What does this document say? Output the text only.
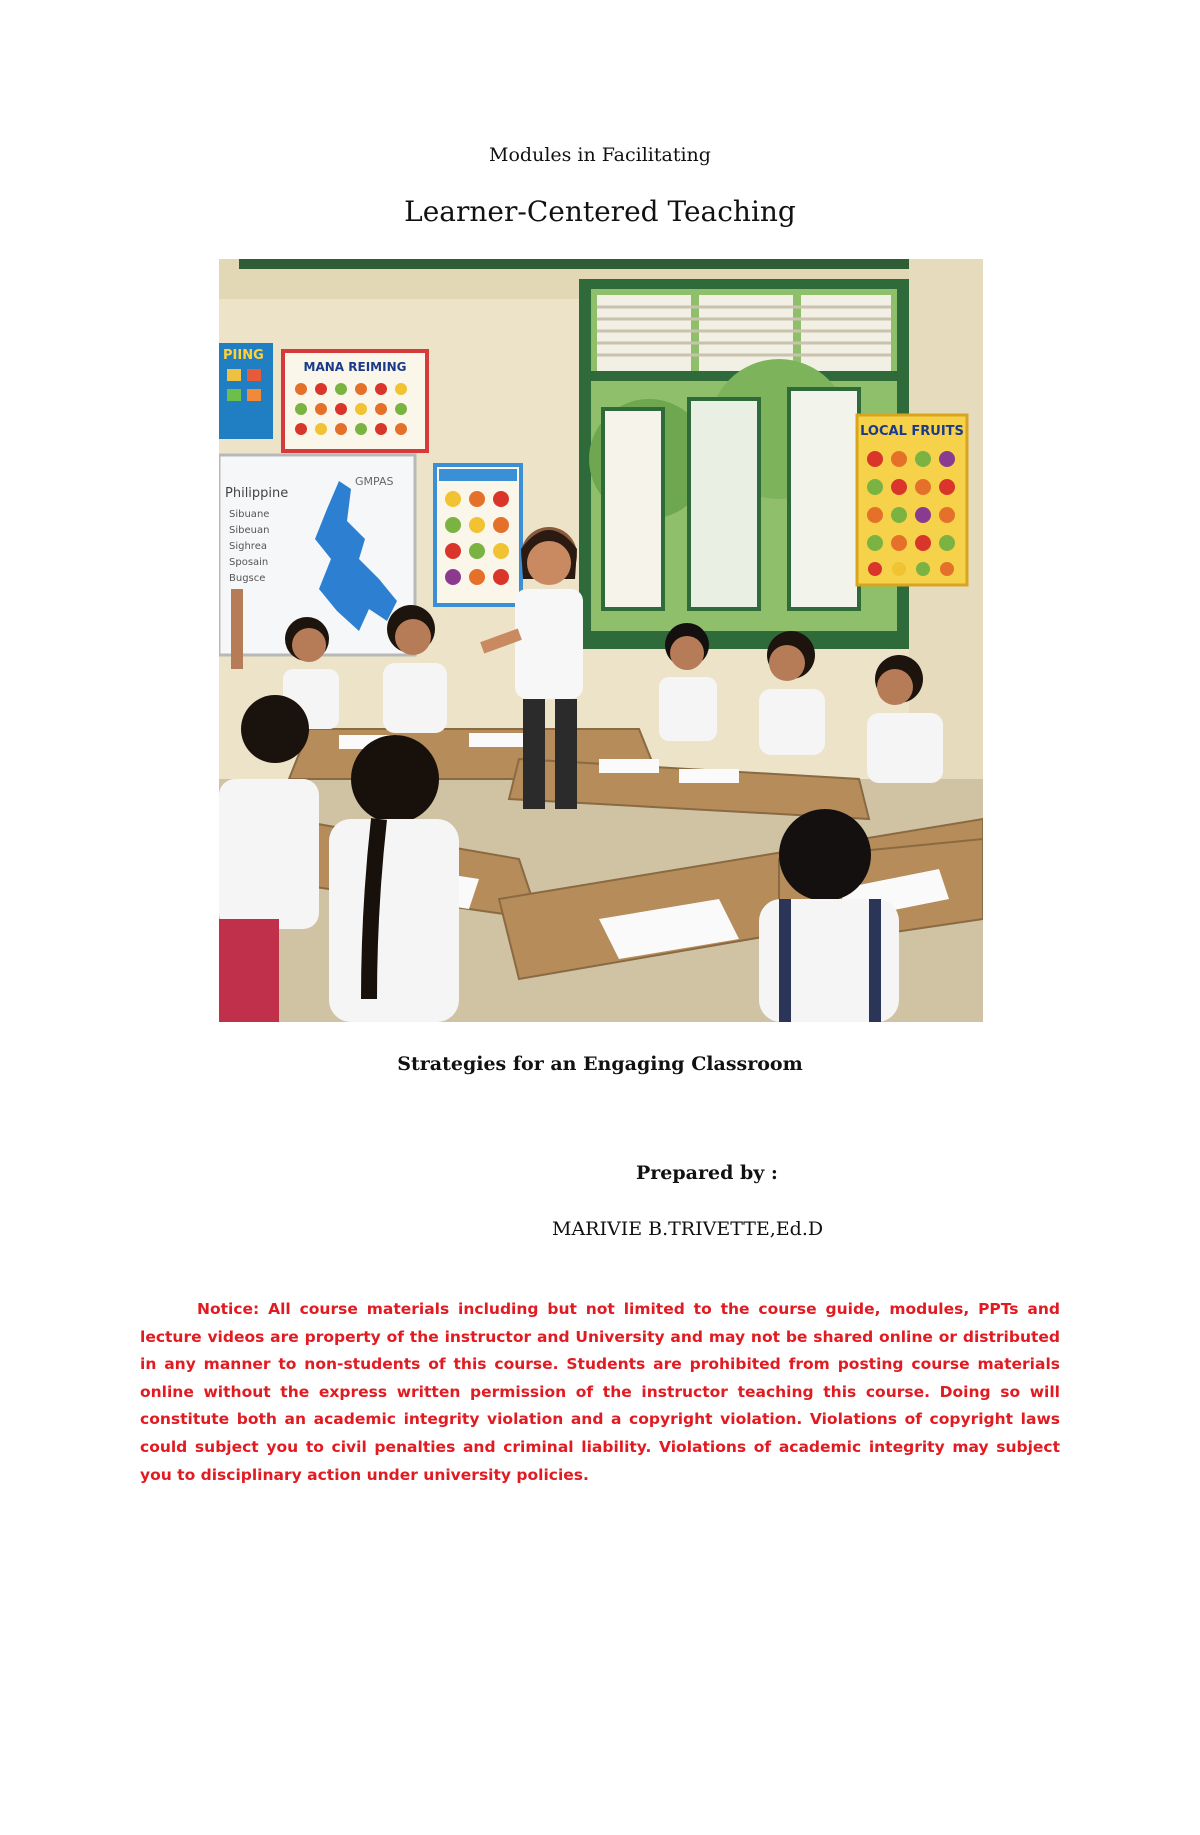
Modules in Facilitating
Learner-Centered Teaching
PIING
MANA REIMING
Philippine
GMPAS
Sibuane
Sibeuan
Sighrea
Sposain
Bugsce
LOCAL FRUITS
Strategies for an Engaging Classroom
Prepared by :
MARIVIE B.TRIVETTE,Ed.D
Notice: All course materials including but not limited to the course guide, modules, PPTs and lecture videos are property of the instructor and University and may not be shared online or distributed in any manner to non-students of this course. Students are prohibited from posting course materials online without the express written permission of the instructor teaching this course. Doing so will constitute both an academic integrity violation and a copyright violation. Violations of copyright laws could subject you to civil penalties and criminal liability. Violations of academic integrity may subject you to disciplinary action under university policies.
